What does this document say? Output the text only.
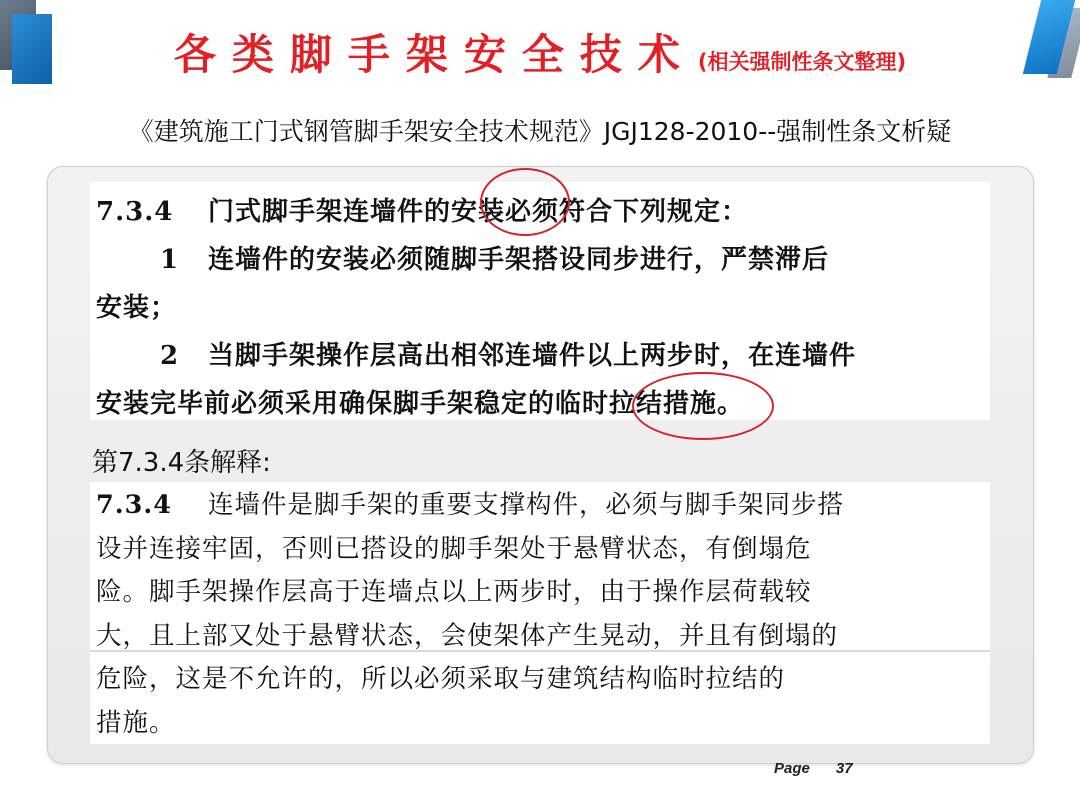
各类脚手架安全技术 (相关强制性条文整理)
《建筑施工门式钢管脚手架安全技术规范》JGJ128-2010--强制性条文析疑

7.3.4 门式脚手架连墙件的安装必须符合下列规定：

1 连墙件的安装必须随脚手架搭设同步进行，严禁滞后

安装；

2 当脚手架操作层高出相邻连墙件以上两步时，在连墙件

安装完毕前必须采用确保脚手架稳定的临时拉结措施。

第7.3.4条解释:

7.3.4 连墙件是脚手架的重要支撑构件，必须与脚手架同步搭

设并连接牢固，否则已搭设的脚手架处于悬臂状态，有倒塌危

险。脚手架操作层高于连墙点以上两步时，由于操作层荷载较

大，且上部又处于悬臂状态，会使架体产生晃动，并且有倒塌的

危险，这是不允许的，所以必须采取与建筑结构临时拉结的

措施。

Page 37
